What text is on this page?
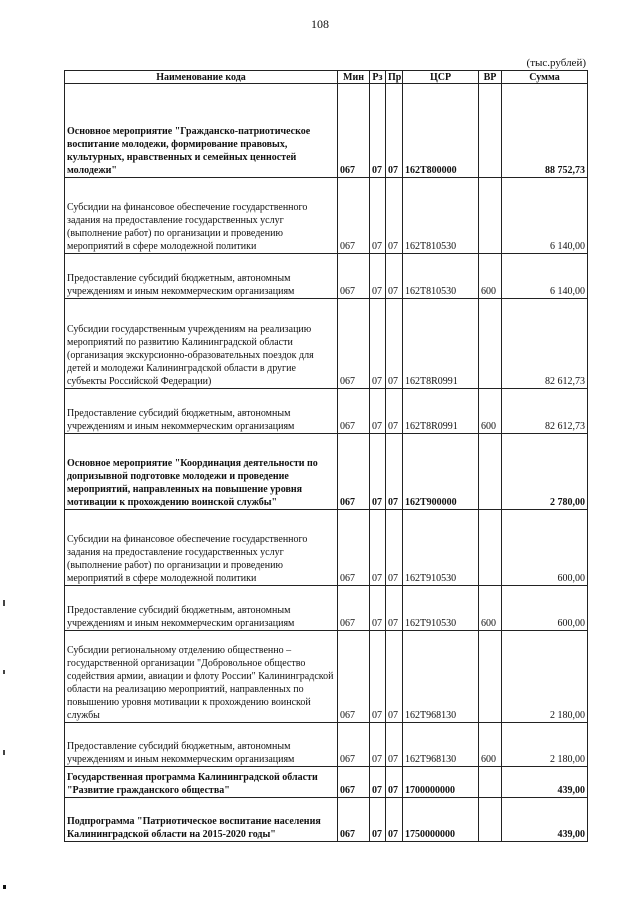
108
(тыс.рублей)
Наименование кода	Мин	Рз	Пр	ЦСР	ВР	Сумма
Основное мероприятие "Гражданско-патриотическое воспитание молодежи, формирование правовых, культурных, нравственных и семейных ценностей молодежи"	067	07	07	162T800000		88 752,73
Субсидии на финансовое обеспечение государственного задания на предоставление государственных услуг (выполнение работ) по организации и проведению мероприятий в сфере молодежной политики	067	07	07	162T810530		6 140,00
Предоставление субсидий бюджетным, автономным учреждениям и иным некоммерческим организациям	067	07	07	162T810530	600	6 140,00
Субсидии государственным учреждениям на реализацию мероприятий по развитию Калининградской области (организация экскурсионно-образовательных поездок для детей и молодежи Калининградской области в другие субъекты Российской Федерации)	067	07	07	162T8R0991		82 612,73
Предоставление субсидий бюджетным, автономным учреждениям и иным некоммерческим организациям	067	07	07	162T8R0991	600	82 612,73
Основное мероприятие "Координация деятельности по допризывной подготовке молодежи и проведение мероприятий, направленных на повышение уровня мотивации к прохождению воинской службы"	067	07	07	162T900000		2 780,00
Субсидии на финансовое обеспечение государственного задания на предоставление государственных услуг (выполнение работ) по организации и проведению мероприятий в сфере молодежной политики	067	07	07	162T910530		600,00
Предоставление субсидий бюджетным, автономным учреждениям и иным некоммерческим организациям	067	07	07	162T910530	600	600,00
Субсидии региональному отделению общественно – государственной организации "Добровольное общество содействия армии, авиации и флоту России" Калининградской области на реализацию мероприятий, направленных по повышению уровня мотивации к прохождению воинской службы	067	07	07	162T968130		2 180,00
Предоставление субсидий бюджетным, автономным учреждениям и иным некоммерческим организациям	067	07	07	162T968130	600	2 180,00
Государственная программа Калининградской области "Развитие гражданского общества"	067	07	07	1700000000		439,00
Подпрограмма "Патриотическое воспитание населения Калининградской области на 2015-2020 годы"	067	07	07	1750000000		439,00
